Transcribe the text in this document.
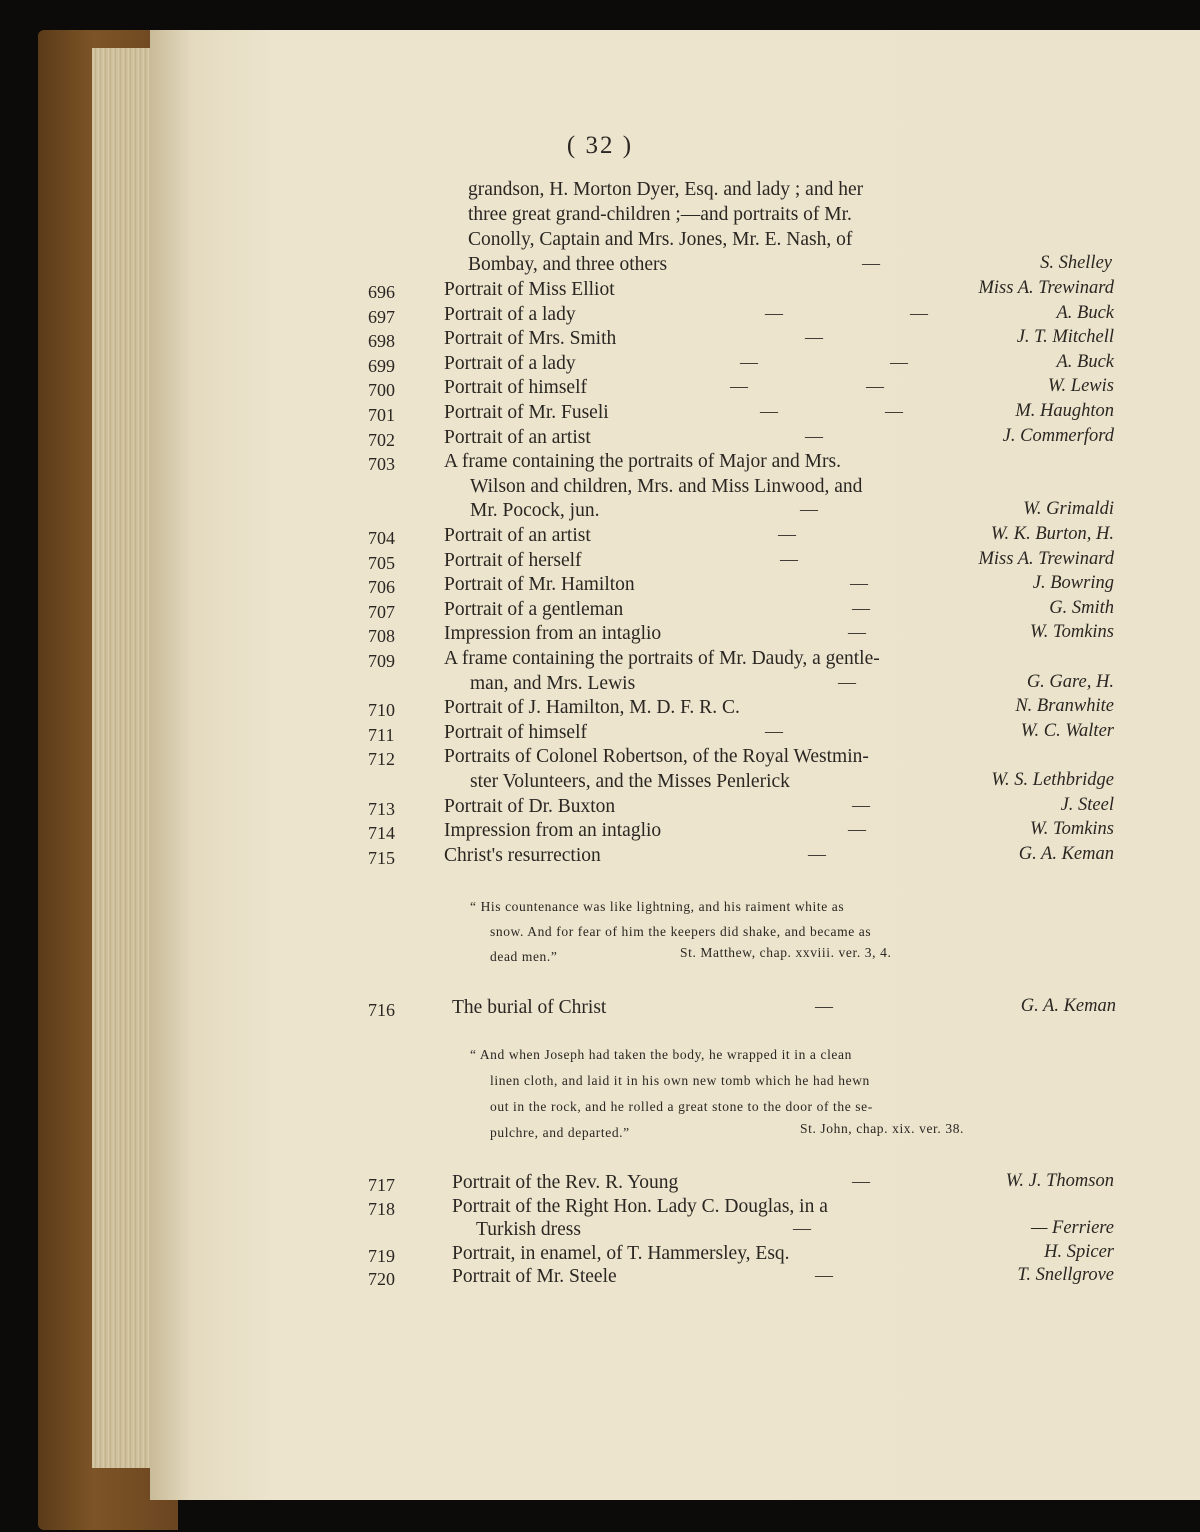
( 32 )
grandson, H. Morton Dyer, Esq. and lady ; and her
three great grand-children ;—and portraits of Mr.
Conolly, Captain and Mrs. Jones, Mr. E. Nash, of
Bombay, and three others	—	S. Shelley
696	Portrait of Miss Elliot	Miss A. Trewinard
697	Portrait of a lady	—	—	A. Buck
698	Portrait of Mrs. Smith	—	J. T. Mitchell
699	Portrait of a lady	—	—	A. Buck
700	Portrait of himself	—	—	W. Lewis
701	Portrait of Mr. Fuseli	—	—	M. Haughton
702	Portrait of an artist	—	J. Commerford
703	A frame containing the portraits of Major and Mrs.
Wilson and children, Mrs. and Miss Linwood, and
Mr. Pocock, jun.	—	W. Grimaldi
704	Portrait of an artist	—	W. K. Burton, H.
705	Portrait of herself	—	Miss A. Trewinard
706	Portrait of Mr. Hamilton	—	J. Bowring
707	Portrait of a gentleman	—	G. Smith
708	Impression from an intaglio	—	W. Tomkins
709	A frame containing the portraits of Mr. Daudy, a gentle-
man, and Mrs. Lewis	—	G. Gare, H.
710	Portrait of J. Hamilton, M. D. F. R. C.	N. Branwhite
711	Portrait of himself	—	W. C. Walter
712	Portraits of Colonel Robertson, of the Royal Westmin-
ster Volunteers, and the Misses Penlerick	W. S. Lethbridge
713	Portrait of Dr. Buxton	—	J. Steel
714	Impression from an intaglio	—	W. Tomkins
715	Christ's resurrection	—	G. A. Keman
“ His countenance was like lightning, and his raiment white as
snow. And for fear of him the keepers did shake, and became as
dead men.”	St. Matthew, chap. xxviii. ver. 3, 4.
716	The burial of Christ	—	G. A. Keman
“ And when Joseph had taken the body, he wrapped it in a clean
linen cloth, and laid it in his own new tomb which he had hewn
out in the rock, and he rolled a great stone to the door of the se-
pulchre, and departed.”	St. John, chap. xix. ver. 38.
717	Portrait of the Rev. R. Young	—	W. J. Thomson
718	Portrait of the Right Hon. Lady C. Douglas, in a
Turkish dress	—	— Ferriere
719	Portrait, in enamel, of T. Hammersley, Esq.	H. Spicer
720	Portrait of Mr. Steele	—	T. Snellgrove
